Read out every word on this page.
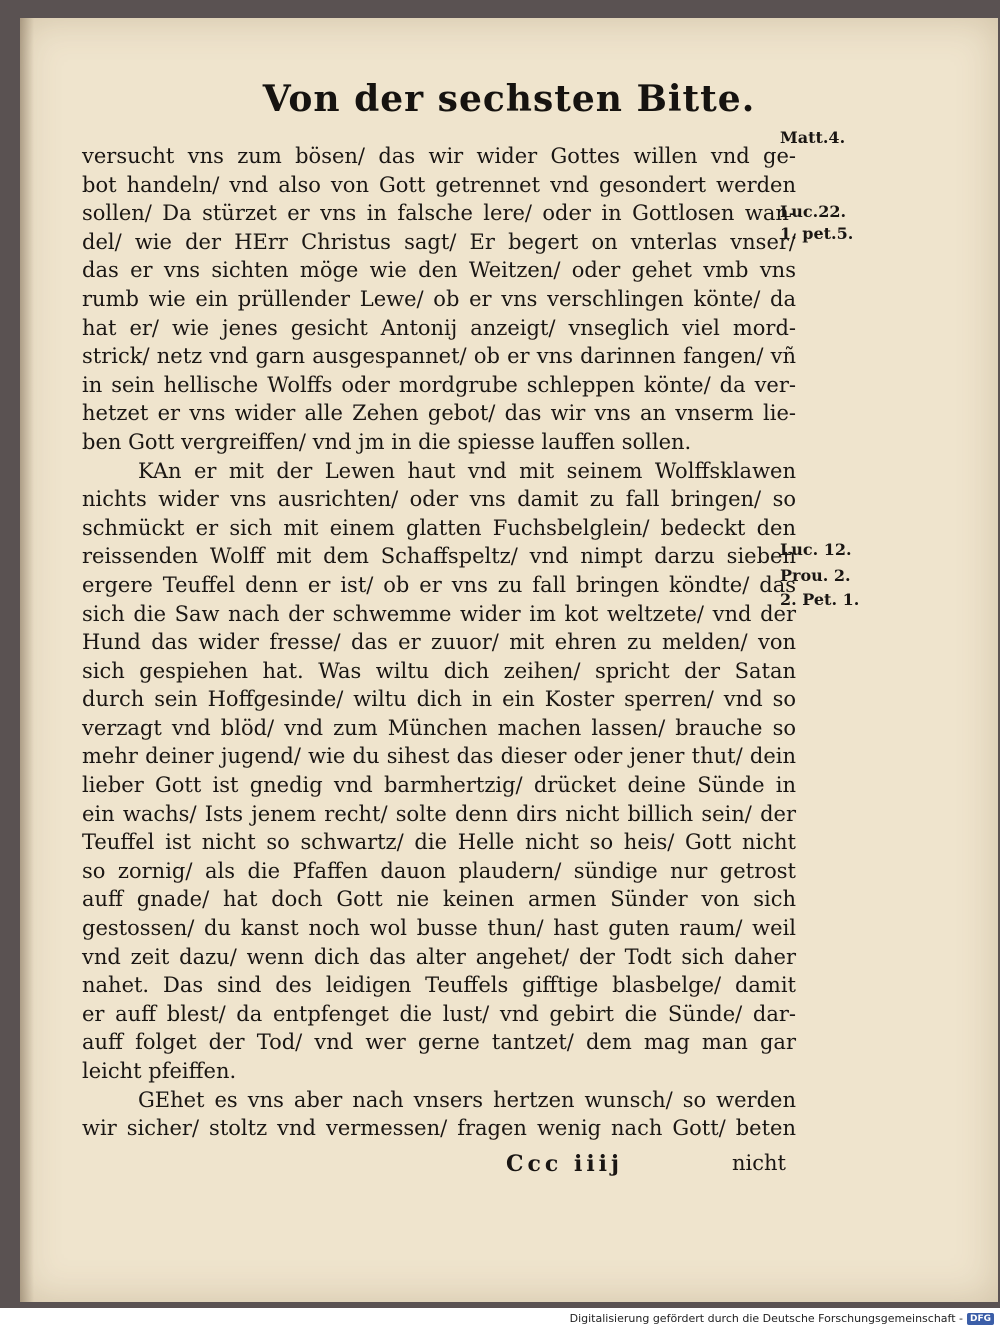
Von der sechsten Bitte.
versucht vns zum bösen/ das wir wider Gottes willen vnd ge-
bot handeln/ vnd also von Gott getrennet vnd gesondert werden
sollen/ Da stürzet er vns in falsche lere/ oder in Gottlosen wan-
del/ wie der HErr Christus sagt/ Er begert on vnterlas vnser/
das er vns sichten möge wie den Weitzen/ oder gehet vmb vns
rumb wie ein prüllender Lewe/ ob er vns verschlingen könte/ da
hat er/ wie jenes gesicht Antonij anzeigt/ vnseglich viel mord-
strick/ netz vnd garn ausgespannet/ ob er vns darinnen fangen/ vñ
in sein hellische Wolffs oder mordgrube schleppen könte/ da ver-
hetzet er vns wider alle Zehen gebot/ das wir vns an vnserm lie-
ben Gott vergreiffen/ vnd jm in die spiesse lauffen sollen.
KAn er mit der Lewen haut vnd mit seinem Wolffsklawen
nichts wider vns ausrichten/ oder vns damit zu fall bringen/ so
schmückt er sich mit einem glatten Fuchsbelglein/ bedeckt den
reissenden Wolff mit dem Schaffspeltz/ vnd nimpt darzu sieben
ergere Teuffel denn er ist/ ob er vns zu fall bringen köndte/ das
sich die Saw nach der schwemme wider im kot weltzete/ vnd der
Hund das wider fresse/ das er zuuor/ mit ehren zu melden/ von
sich gespiehen hat. Was wiltu dich zeihen/ spricht der Satan
durch sein Hoffgesinde/ wiltu dich in ein Koster sperren/ vnd so
verzagt vnd blöd/ vnd zum München machen lassen/ brauche so
mehr deiner jugend/ wie du sihest das dieser oder jener thut/ dein
lieber Gott ist gnedig vnd barmhertzig/ drücket deine Sünde in
ein wachs/ Ists jenem recht/ solte denn dirs nicht billich sein/ der
Teuffel ist nicht so schwartz/ die Helle nicht so heis/ Gott nicht
so zornig/ als die Pfaffen dauon plaudern/ sündige nur getrost
auff gnade/ hat doch Gott nie keinen armen Sünder von sich
gestossen/ du kanst noch wol busse thun/ hast guten raum/ weil
vnd zeit dazu/ wenn dich das alter angehet/ der Todt sich daher
nahet. Das sind des leidigen Teuffels gifftige blasbelge/ damit
er auff blest/ da entpfenget die lust/ vnd gebirt die Sünde/ dar-
auff folget der Tod/ vnd wer gerne tantzet/ dem mag man gar
leicht pfeiffen.
GEhet es vns aber nach vnsers hertzen wunsch/ so werden
wir sicher/ stoltz vnd vermessen/ fragen wenig nach Gott/ beten
Matt.4.
Luc.22.
1. pet.5.
Luc. 12.
Prou. 2.
2. Pet. 1.
Ccc iiij	nicht
Digitalisierung gefördert durch die Deutsche Forschungsgemeinschaft - DFG
